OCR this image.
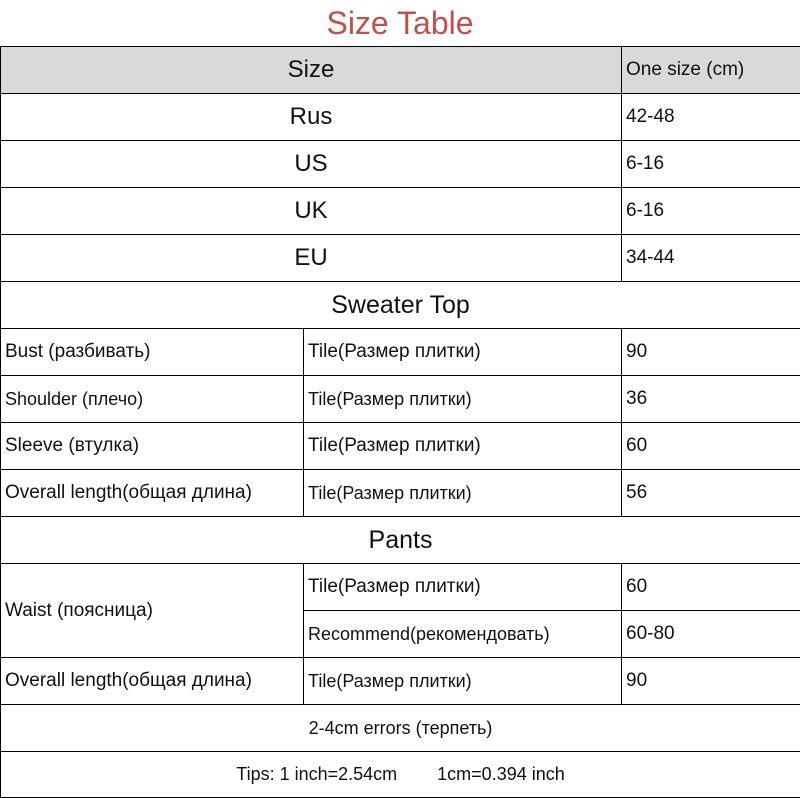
Size Table
Size		One size (cm)
Rus		42-48
US		6-16
UK		6-16
EU		34-44
Sweater Top		
Bust (разбивать)	Tile(Размер плитки)	90
Shoulder (плечо)	Tile(Размер плитки)	36
Sleeve (втулка)	Tile(Размер плитки)	60
Overall length(общая длина)	Tile(Размер плитки)	56
Pants		
Waist (поясница)	Tile(Размер плитки)	60
	Recommend(рекомендовать)	60-80
Overall length(общая длина)	Tile(Размер плитки)	90
2-4cm errors (терпеть)		
Tips: 1 inch=2.54cm        1cm=0.394 inch		
